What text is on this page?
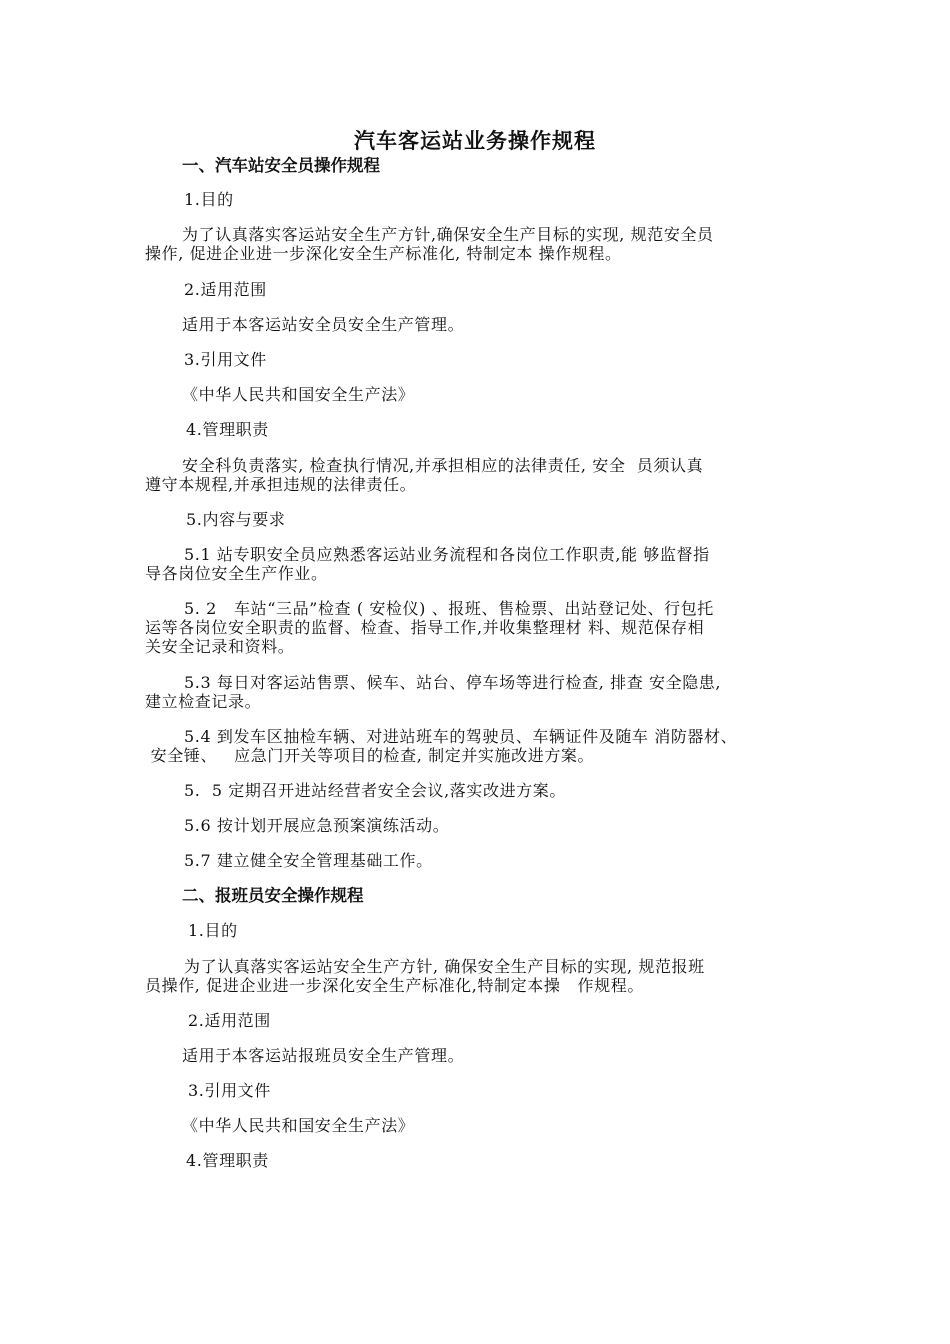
汽车客运站业务操作规程
一、汽车站安全员操作规程
1.目的
为了认真落实客运站安全生产方针,确保安全生产目标的实现, 规范安全员
操作, 促进企业进一步深化安全生产标准化, 特制定本 操作规程。
2.适用范围
适用于本客运站安全员安全生产管理。
3.引用文件
《中华人民共和国安全生产法》
4.管理职责
安全科负责落实, 检查执行情况,并承担相应的法律责任, 安全  员须认真
遵守本规程,并承担违规的法律责任。
5.内容与要求
5.1 站专职安全员应熟悉客运站业务流程和各岗位工作职责,能 够监督指
导各岗位安全生产作业。
5. 2   车站“三品”检查 ( 安检仪) 、报班、售检票、出站登记处、行包托
运等各岗位安全职责的监督、检查、指导工作,并收集整理材 料、规范保存相
关安全记录和资料。
5.3 每日对客运站售票、候车、站台、停车场等进行检查, 排查 安全隐患,
建立检查记录。
5.4 到发车区抽检车辆、对进站班车的驾驶员、车辆证件及随车 消防器材、
安全锤、   应急门开关等项目的检查, 制定并实施改进方案。
5.  5 定期召开进站经营者安全会议,落实改进方案。
5.6 按计划开展应急预案演练活动。
5.7 建立健全安全管理基础工作。
二、报班员安全操作规程
1.目的
为了认真落实客运站安全生产方针, 确保安全生产目标的实现, 规范报班
员操作, 促进企业进一步深化安全生产标准化,特制定本操   作规程。
2.适用范围
适用于本客运站报班员安全生产管理。
3.引用文件
《中华人民共和国安全生产法》
4.管理职责
